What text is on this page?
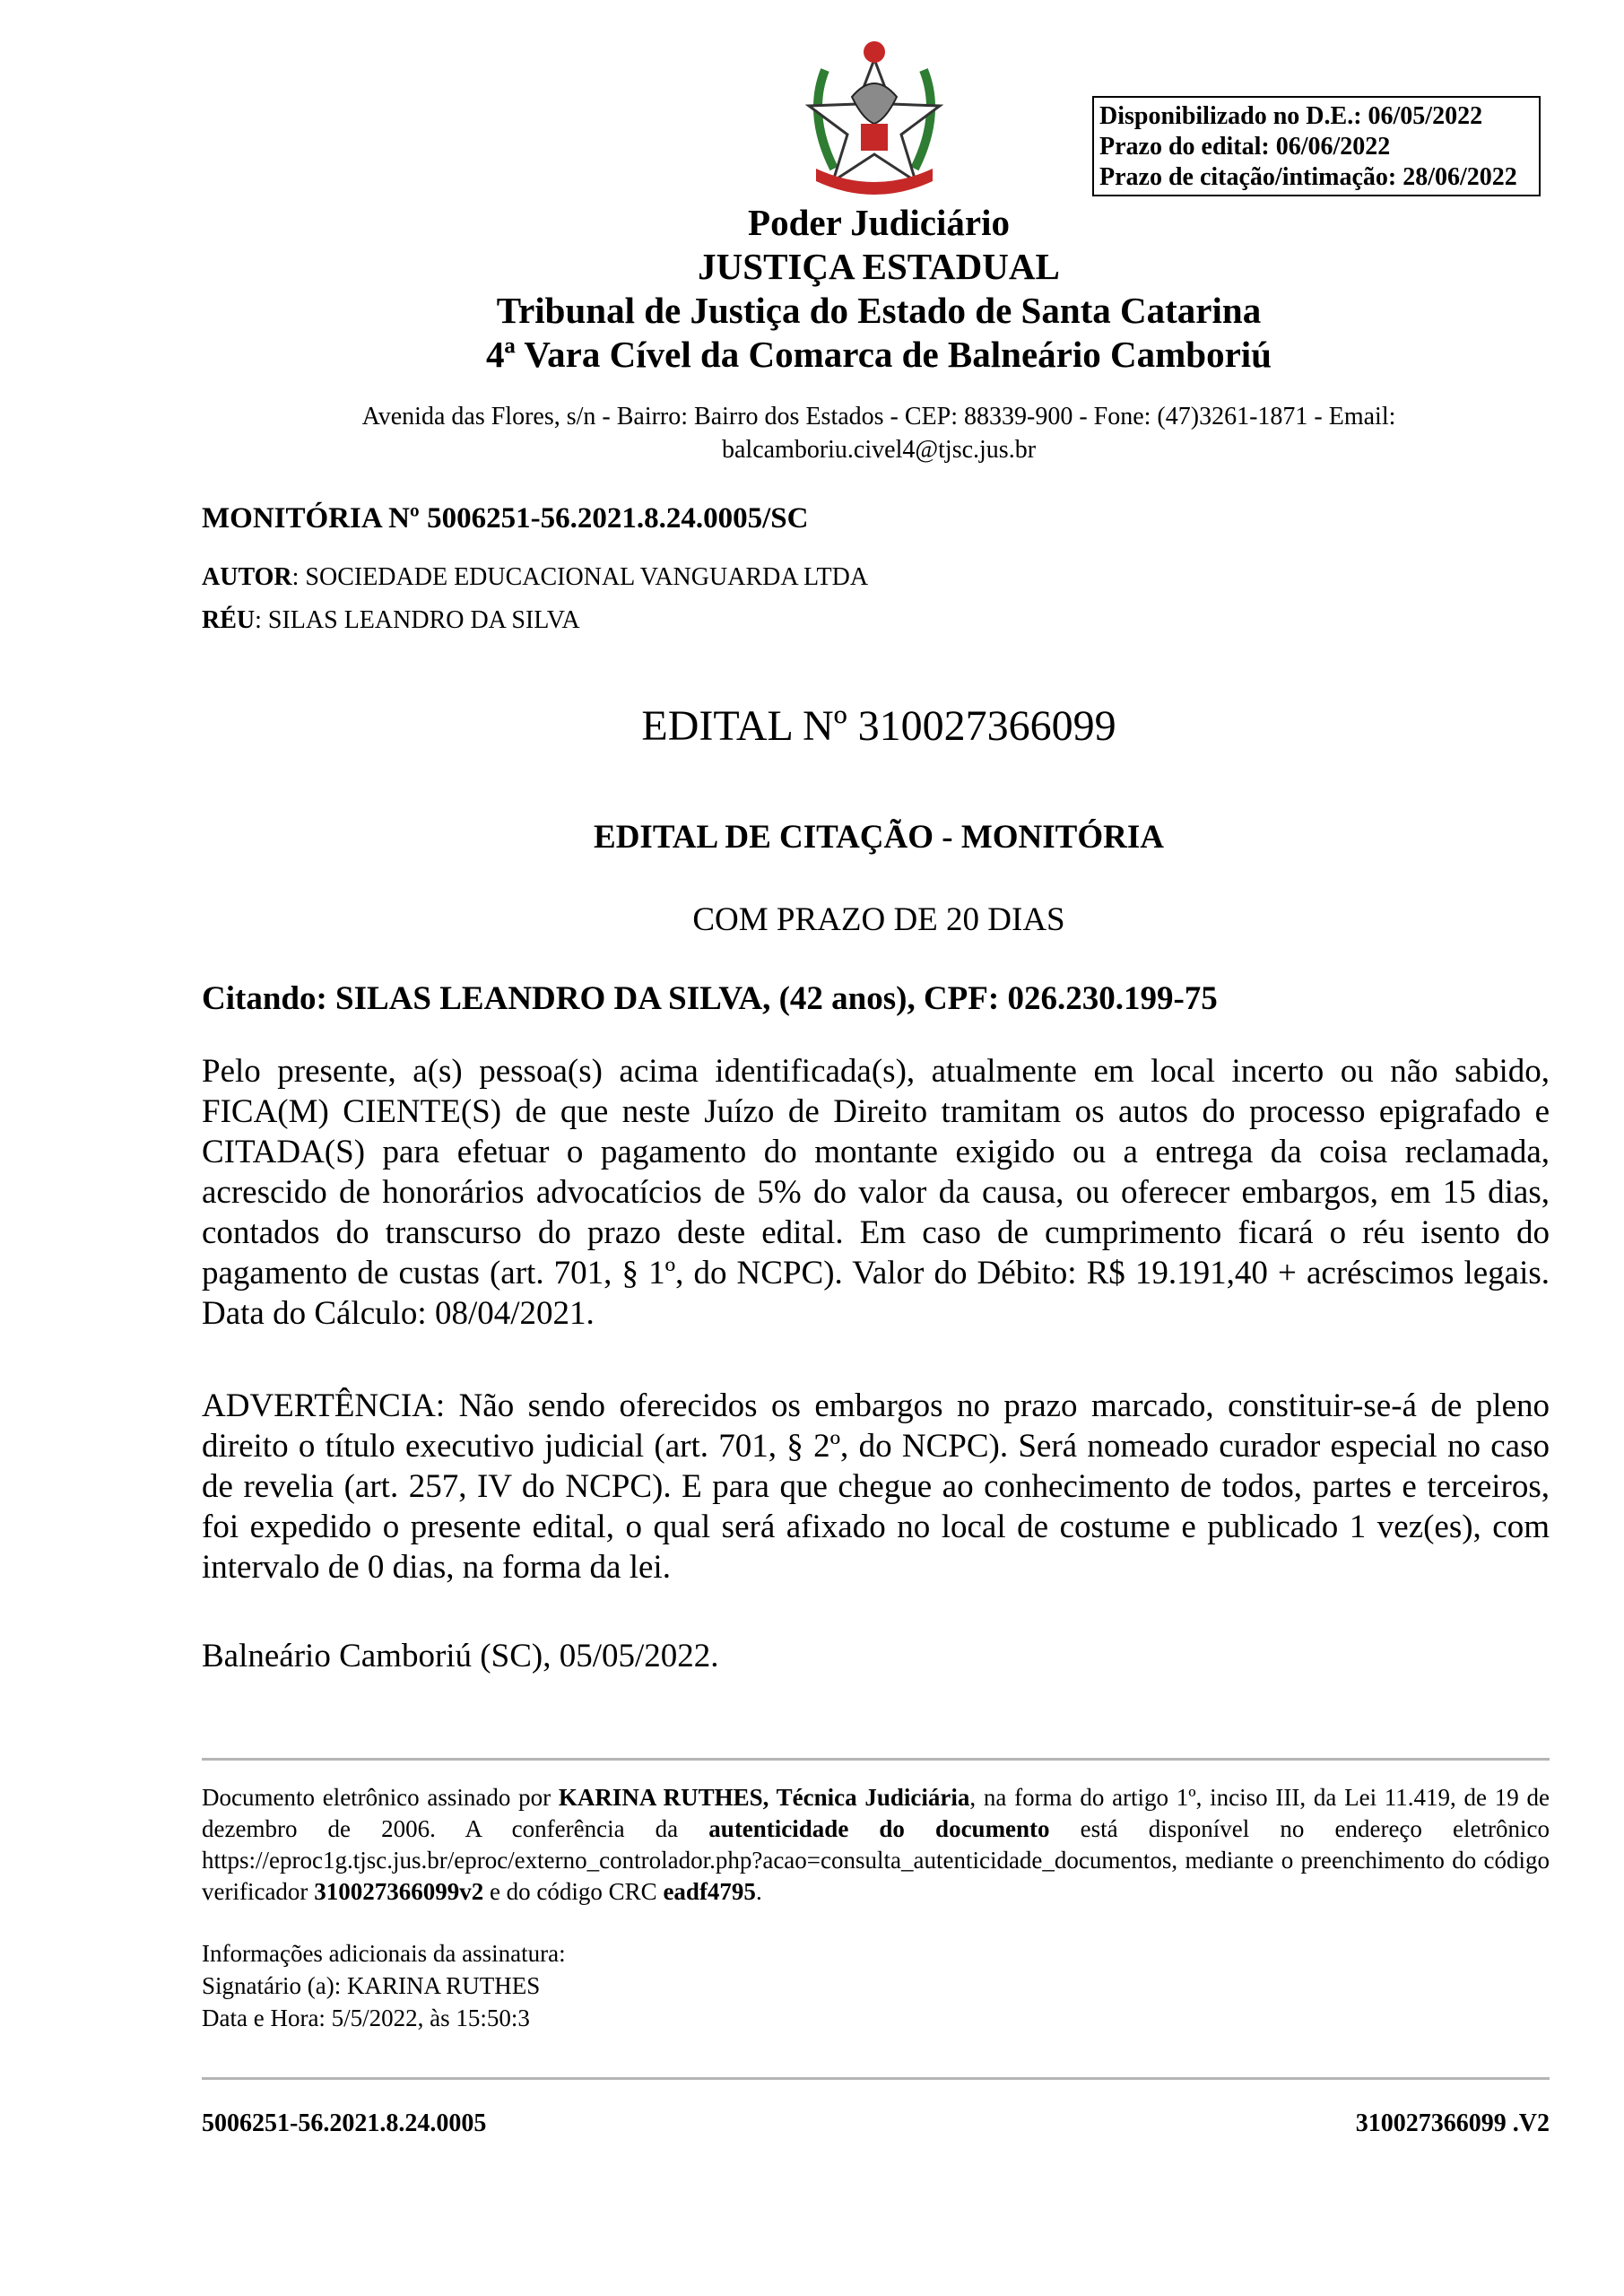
Disponibilizado no D.E.: 06/05/2022
Prazo do edital: 06/06/2022
Prazo de citação/intimação: 28/06/2022
Poder Judiciário
JUSTIÇA ESTADUAL
Tribunal de Justiça do Estado de Santa Catarina
4ª Vara Cível da Comarca de Balneário Camboriú
Avenida das Flores, s/n - Bairro: Bairro dos Estados - CEP: 88339-900 - Fone: (47)3261-1871 - Email:
balcamboriu.civel4@tjsc.jus.br
MONITÓRIA Nº 5006251-56.2021.8.24.0005/SC
AUTOR: SOCIEDADE EDUCACIONAL VANGUARDA LTDA
RÉU: SILAS LEANDRO DA SILVA
EDITAL Nº 310027366099
EDITAL DE CITAÇÃO - MONITÓRIA
COM PRAZO DE 20 DIAS
Citando: SILAS LEANDRO DA SILVA, (42 anos), CPF: 026.230.199-75
Pelo presente, a(s) pessoa(s) acima identificada(s), atualmente em local incerto ou não sabido, FICA(M) CIENTE(S) de que neste Juízo de Direito tramitam os autos do processo epigrafado e CITADA(S) para efetuar o pagamento do montante exigido ou a entrega da coisa reclamada, acrescido de honorários advocatícios de 5% do valor da causa, ou oferecer embargos, em 15 dias, contados do transcurso do prazo deste edital. Em caso de cumprimento ficará o réu isento do pagamento de custas (art. 701, § 1º, do NCPC). Valor do Débito: R$ 19.191,40 + acréscimos legais. Data do Cálculo: 08/04/2021.
ADVERTÊNCIA: Não sendo oferecidos os embargos no prazo marcado, constituir-se-á de pleno direito o título executivo judicial (art. 701, § 2º, do NCPC). Será nomeado curador especial no caso de revelia (art. 257, IV do NCPC). E para que chegue ao conhecimento de todos, partes e terceiros, foi expedido o presente edital, o qual será afixado no local de costume e publicado 1 vez(es), com intervalo de 0 dias, na forma da lei.
Balneário Camboriú (SC), 05/05/2022.
Documento eletrônico assinado por KARINA RUTHES, Técnica Judiciária, na forma do artigo 1º, inciso III, da Lei 11.419, de 19 de dezembro de 2006. A conferência da autenticidade do documento está disponível no endereço eletrônico https://eproc1g.tjsc.jus.br/eproc/externo_controlador.php?acao=consulta_autenticidade_documentos, mediante o preenchimento do código verificador 310027366099v2 e do código CRC eadf4795.
Informações adicionais da assinatura:
Signatário (a): KARINA RUTHES
Data e Hora: 5/5/2022, às 15:50:3
5006251-56.2021.8.24.0005	310027366099 .V2
